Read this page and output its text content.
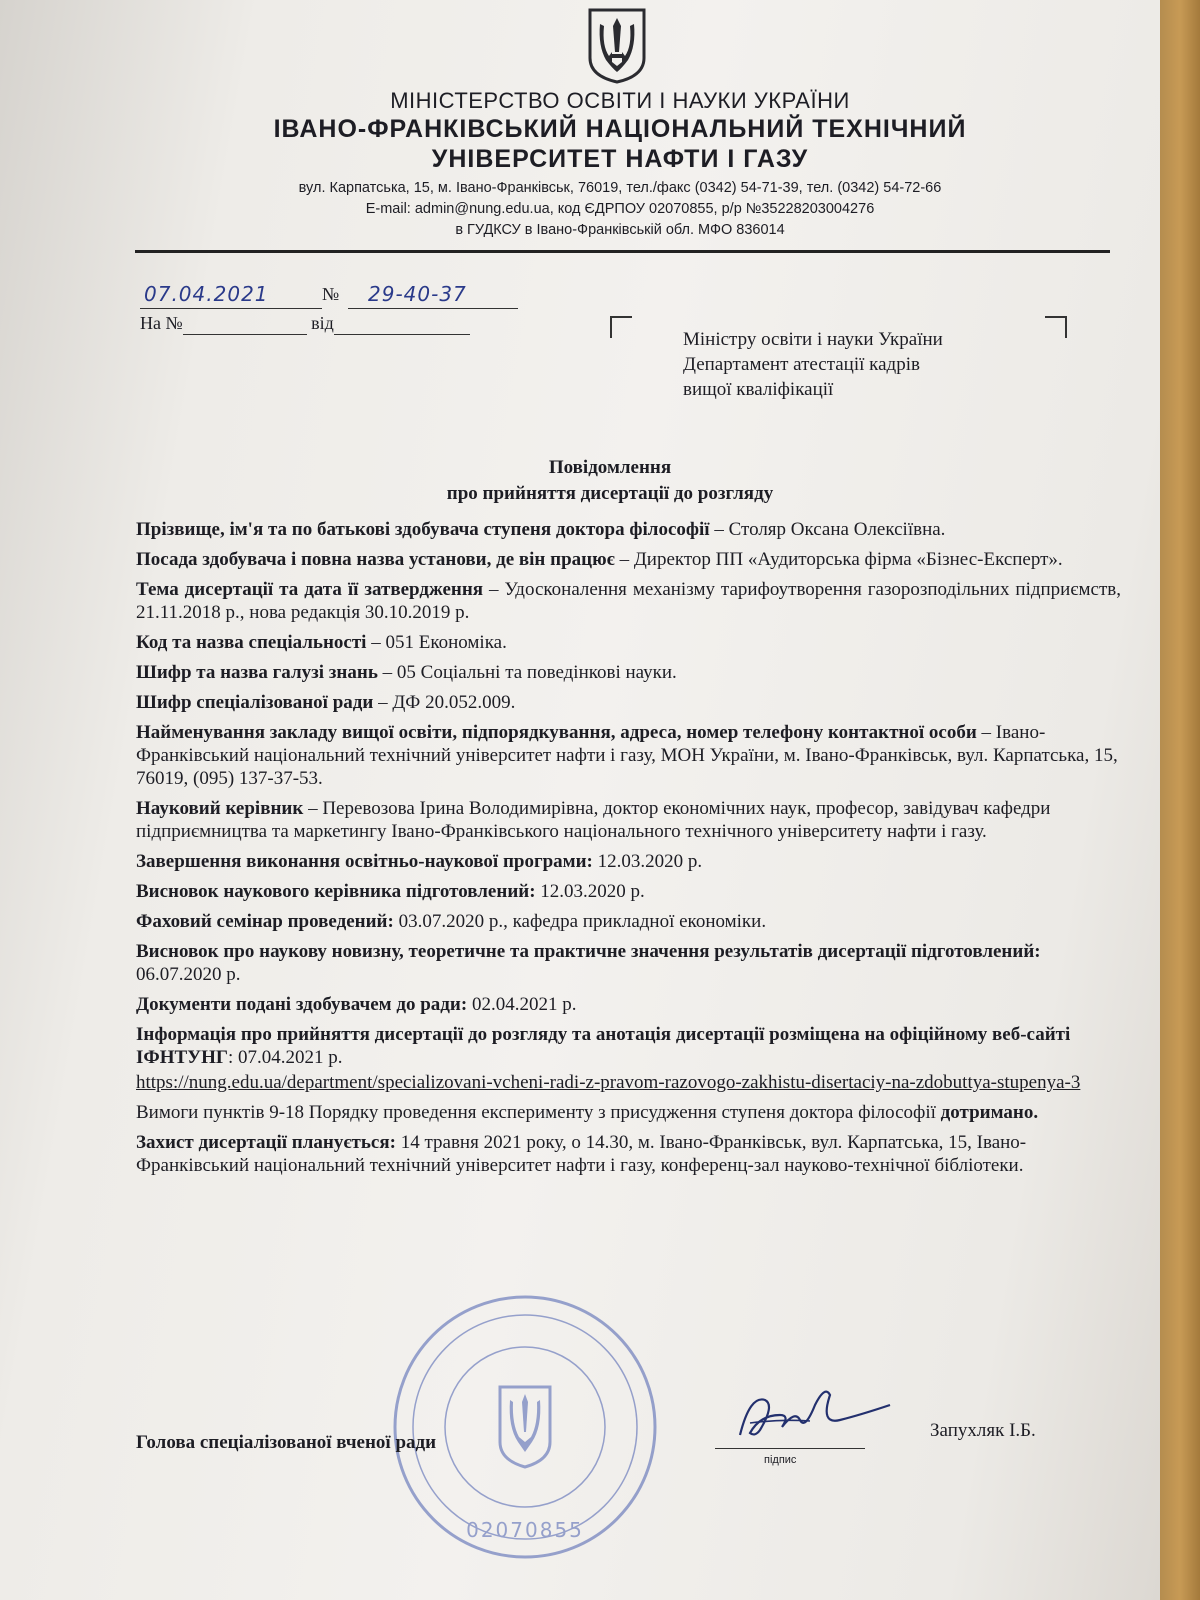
МІНІСТЕРСТВО ОСВІТИ І НАУКИ УКРАЇНИ
ІВАНО-ФРАНКІВСЬКИЙ НАЦІОНАЛЬНИЙ ТЕХНІЧНИЙ
УНІВЕРСИТЕТ НАФТИ І ГАЗУ
вул. Карпатська, 15, м. Івано-Франківськ, 76019, тел./факс (0342) 54-71-39, тел. (0342) 54-72-66
E-mail: admin@nung.edu.ua, код ЄДРПОУ 02070855, р/р №35228203004276
в ГУДКСУ в Івано-Франківській обл. МФО 836014
07.04.2021	№	29-40-37
На №	від
Міністру освіти і науки України
Департамент атестації кадрів
вищої кваліфікації
Повідомлення
про прийняття дисертації до розгляду

Прізвище, ім'я та по батькові здобувача ступеня доктора філософії – Столяр Оксана Олексіївна.

Посада здобувача і повна назва установи, де він працює – Директор ПП «Аудиторська фірма «Бізнес-Експерт».

Тема дисертації та дата її затвердження – Удосконалення механізму тарифоутворення газорозподільних підприємств, 21.11.2018 р., нова редакція 30.10.2019 р.

Код та назва спеціальності – 051 Економіка.

Шифр та назва галузі знань – 05 Соціальні та поведінкові науки.

Шифр спеціалізованої ради – ДФ 20.052.009.

Найменування закладу вищої освіти, підпорядкування, адреса, номер телефону контактної особи – Івано-Франківський національний технічний університет нафти і газу, МОН України, м. Івано-Франківськ, вул. Карпатська, 15, 76019, (095) 137-37-53.

Науковий керівник – Перевозова Ірина Володимирівна, доктор економічних наук, професор, завідувач кафедри підприємництва та маркетингу Івано-Франківського національного технічного університету нафти і газу.

Завершення виконання освітньо-наукової програми: 12.03.2020 р.

Висновок наукового керівника підготовлений: 12.03.2020 р.

Фаховий семінар проведений: 03.07.2020 р., кафедра прикладної економіки.

Висновок про наукову новизну, теоретичне та практичне значення результатів дисертації підготовлений: 06.07.2020 р.

Документи подані здобувачем до ради: 02.04.2021 р.

Інформація про прийняття дисертації до розгляду та анотація дисертації розміщена на офіційному веб-сайті ІФНТУНГ: 07.04.2021 р.

https://nung.edu.ua/department/specializovani-vcheni-radi-z-pravom-razovogo-zakhistu-disertaciy-na-zdobuttya-stupenya-3

Вимоги пунктів 9-18 Порядку проведення експерименту з присудження ступеня доктора філософії дотримано.

Захист дисертації планується: 14 травня 2021 року, о 14.30, м. Івано-Франківськ, вул. Карпатська, 15, Івано-Франківський національний технічний університет нафти і газу, конференц-зал науково-технічної бібліотеки.

02070855
Голова спеціалізованої вченої ради
підпис
Запухляк І.Б.
